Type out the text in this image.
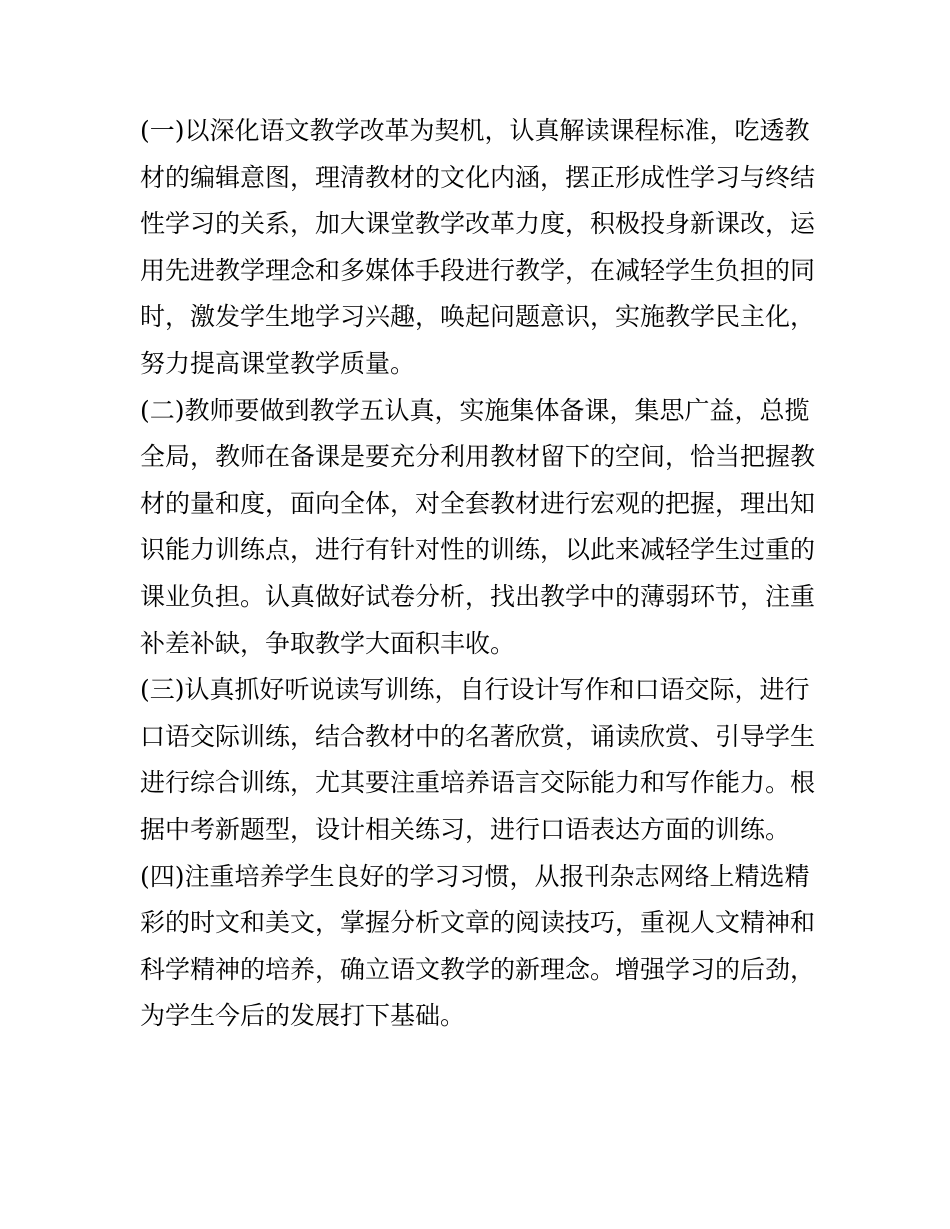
(一)以深化语文教学改革为契机，认真解读课程标准，吃透教
材的编辑意图，理清教材的文化内涵，摆正形成性学习与终结
性学习的关系，加大课堂教学改革力度，积极投身新课改，运
用先进教学理念和多媒体手段进行教学，在减轻学生负担的同
时，激发学生地学习兴趣，唤起问题意识，实施教学民主化，
努力提高课堂教学质量。

(二)教师要做到教学五认真，实施集体备课，集思广益，总揽
全局，教师在备课是要充分利用教材留下的空间，恰当把握教
材的量和度，面向全体，对全套教材进行宏观的把握，理出知
识能力训练点，进行有针对性的训练，以此来减轻学生过重的
课业负担。认真做好试卷分析，找出教学中的薄弱环节，注重
补差补缺，争取教学大面积丰收。

(三)认真抓好听说读写训练，自行设计写作和口语交际，进行
口语交际训练，结合教材中的名著欣赏，诵读欣赏、引导学生
进行综合训练，尤其要注重培养语言交际能力和写作能力。根
据中考新题型，设计相关练习，进行口语表达方面的训练。

(四)注重培养学生良好的学习习惯，从报刊杂志网络上精选精
彩的时文和美文，掌握分析文章的阅读技巧，重视人文精神和
科学精神的培养，确立语文教学的新理念。增强学习的后劲，
为学生今后的发展打下基础。
